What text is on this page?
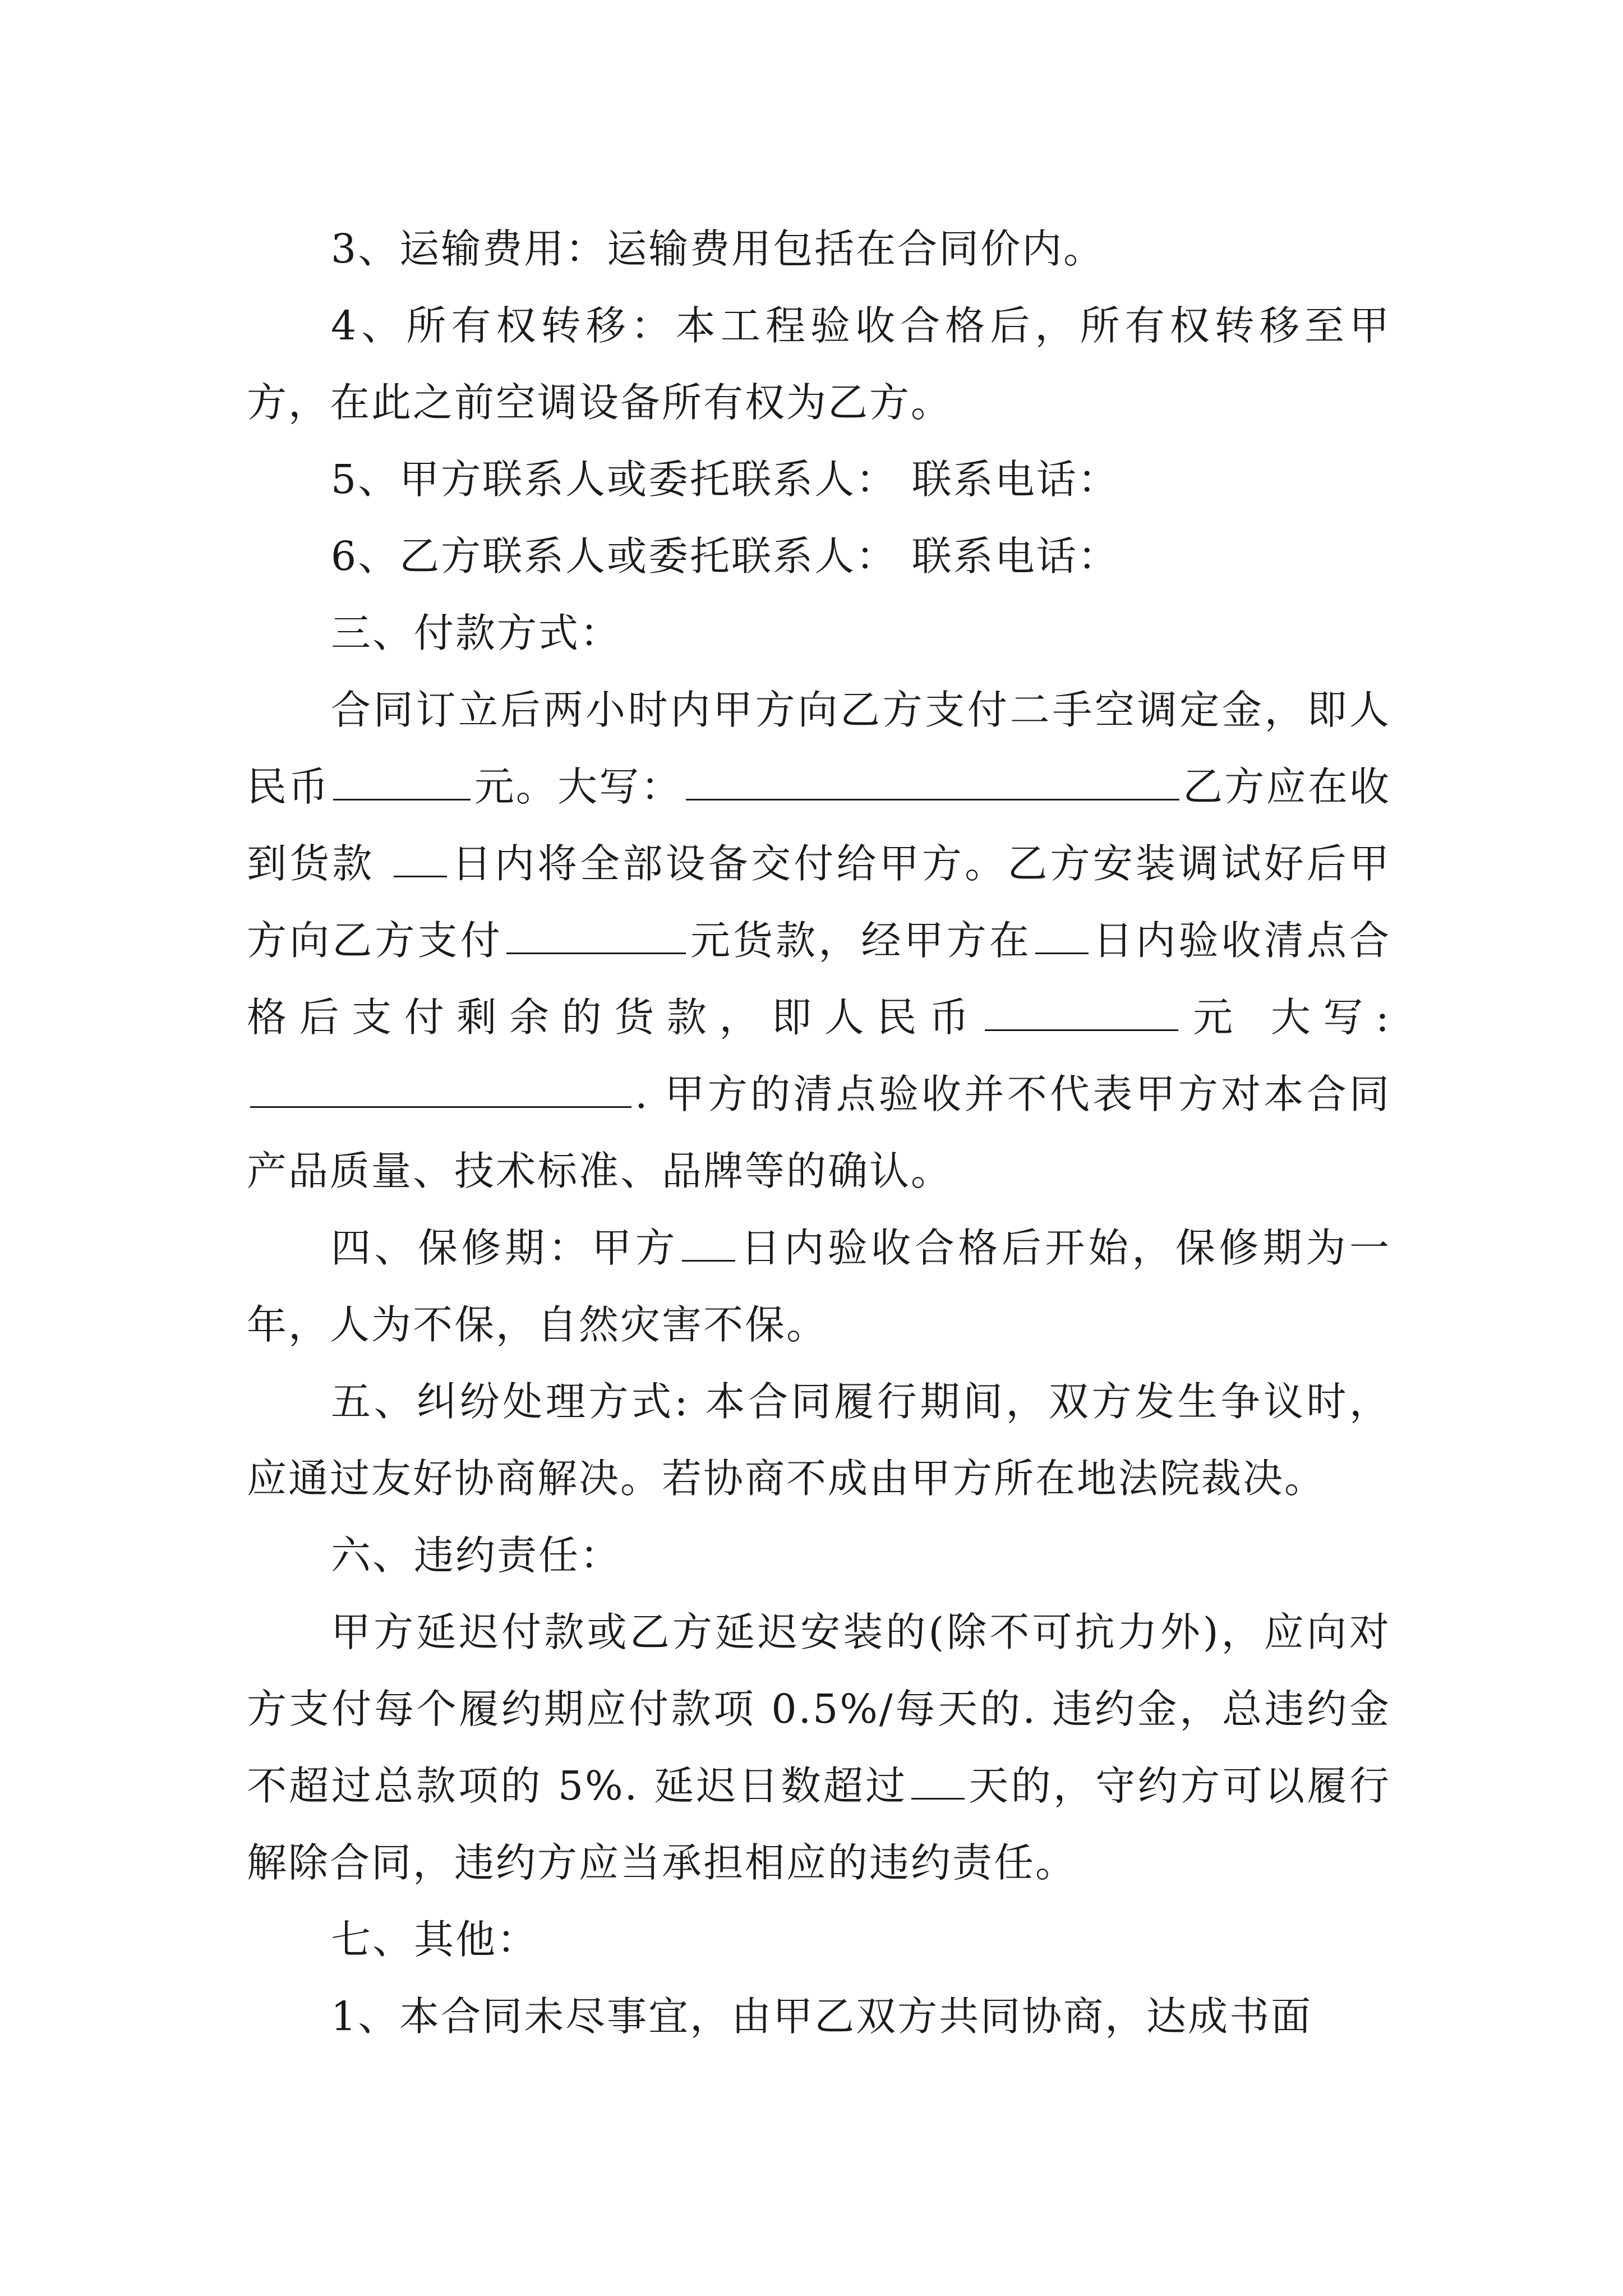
3、运输费用：运输费用包括在合同价内。

4、所有权转移：本工程验收合格后，所有权转移至甲方，在此之前空调设备所有权为乙方。

5、甲方联系人或委托联系人： 联系电话：

6、乙方联系人或委托联系人： 联系电话：

三、付款方式：

合同订立后两小时内甲方向乙方支付二手空调定金，即人民币	元。大写：	乙方应在收到货款 日内将全部设备交付给甲方。乙方安装调试好后甲方向乙方支付	元货款，经甲方在 日内验收清点合格后支付剩余的货款，即人民币	元 大写:. 甲方的清点验收并不代表甲方对本合同产品质量、技术标准、品牌等的确认。

四、保修期：甲方 日内验收合格后开始，保修期为一年，人为不保，自然灾害不保。

五、纠纷处理方式: 本合同履行期间，双方发生争议时，应通过友好协商解决。若协商不成由甲方所在地法院裁决。

六、违约责任：

甲方延迟付款或乙方延迟安装的(除不可抗力外)，应向对方支付每个履约期应付款项 0.5%/每天的. 违约金，总违约金不超过总款项的 5%. 延迟日数超过 天的，守约方可以履行解除合同，违约方应当承担相应的违约责任。

七、其他：

1、本合同未尽事宜，由甲乙双方共同协商，达成书面
